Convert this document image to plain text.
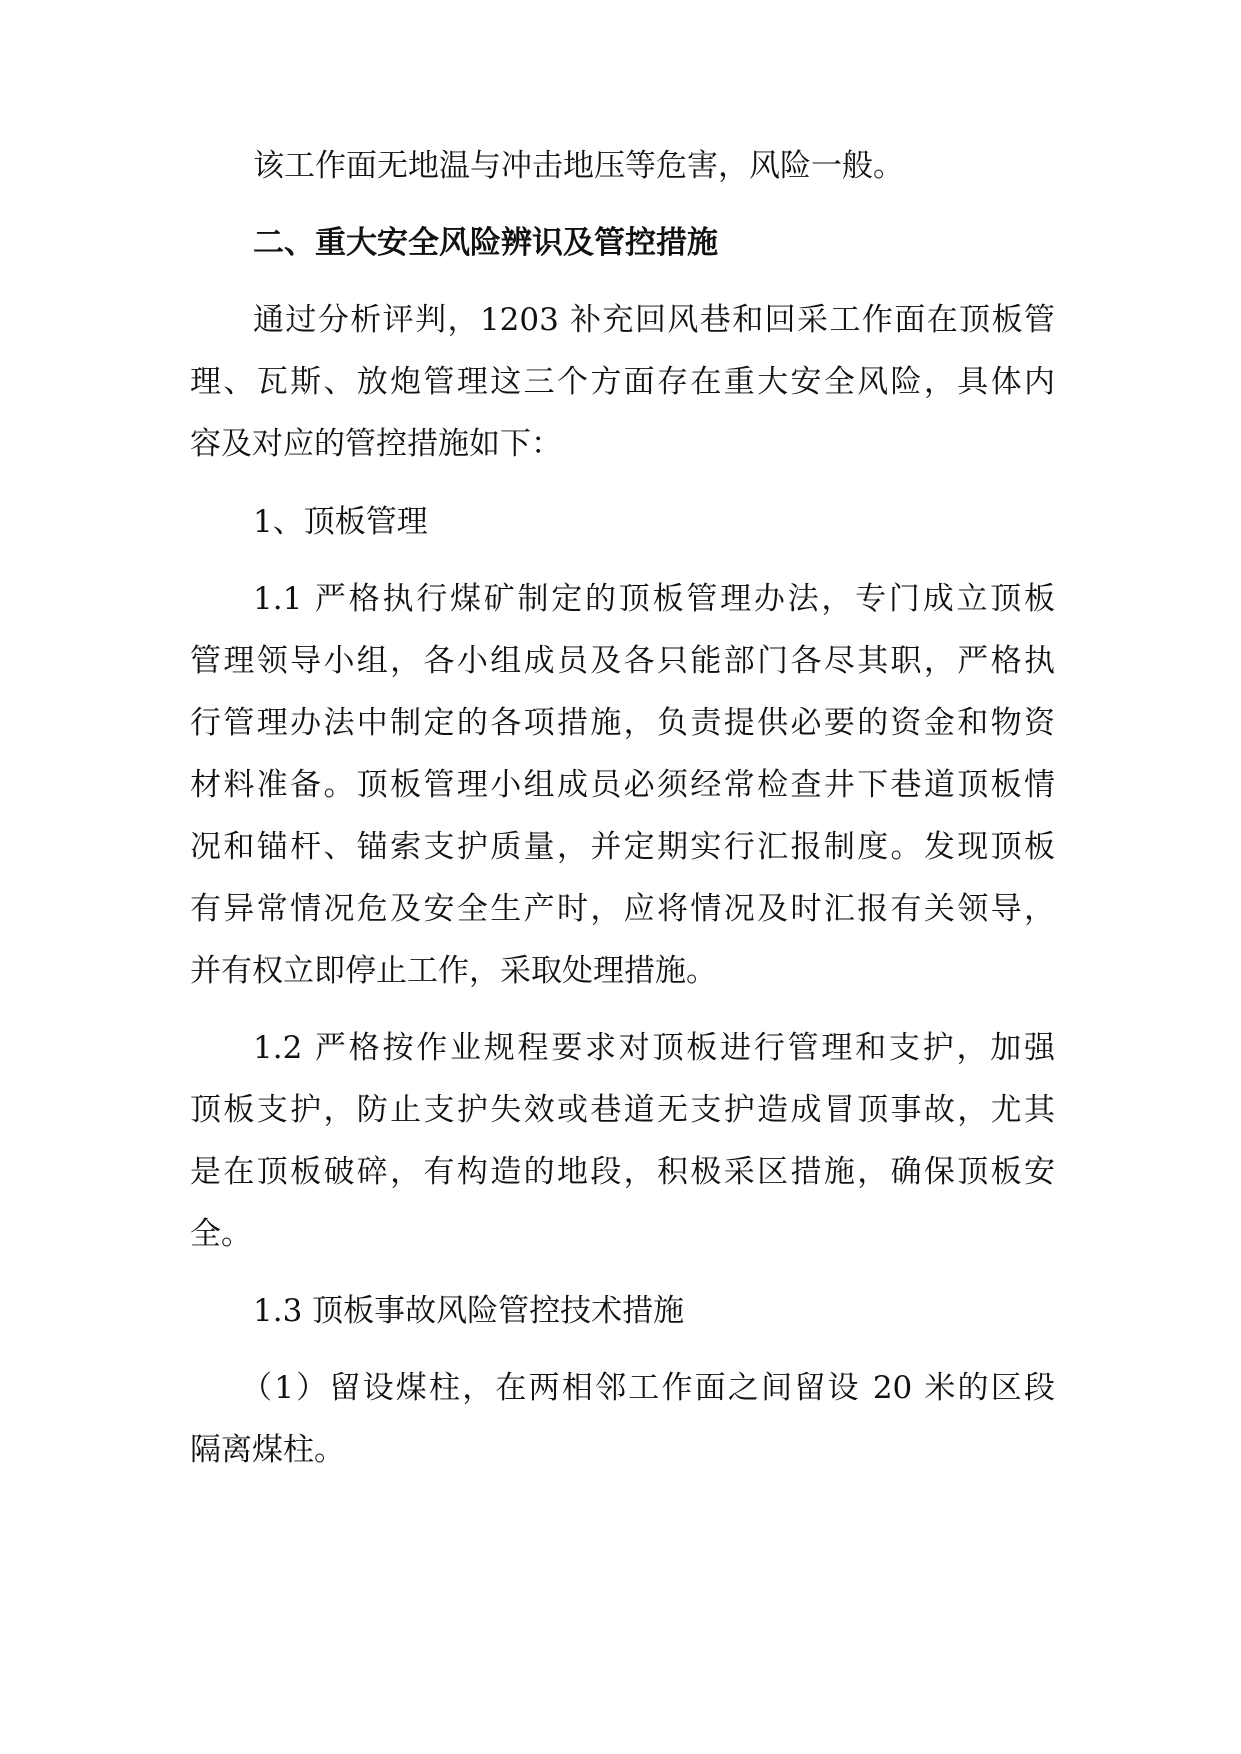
该工作面无地温与冲击地压等危害，风险一般。

二、重大安全风险辨识及管控措施

通过分析评判，1203 补充回风巷和回采工作面在顶板管

理、瓦斯、放炮管理这三个方面存在重大安全风险，具体内

容及对应的管控措施如下：

1、顶板管理

1.1 严格执行煤矿制定的顶板管理办法，专门成立顶板

管理领导小组，各小组成员及各只能部门各尽其职，严格执

行管理办法中制定的各项措施，负责提供必要的资金和物资

材料准备。顶板管理小组成员必须经常检查井下巷道顶板情

况和锚杆、锚索支护质量，并定期实行汇报制度。发现顶板

有异常情况危及安全生产时，应将情况及时汇报有关领导，

并有权立即停止工作，采取处理措施。

1.2 严格按作业规程要求对顶板进行管理和支护，加强

顶板支护，防止支护失效或巷道无支护造成冒顶事故，尤其

是在顶板破碎，有构造的地段，积极采区措施，确保顶板安

全。

1.3 顶板事故风险管控技术措施

（1）留设煤柱，在两相邻工作面之间留设 20 米的区段

隔离煤柱。
